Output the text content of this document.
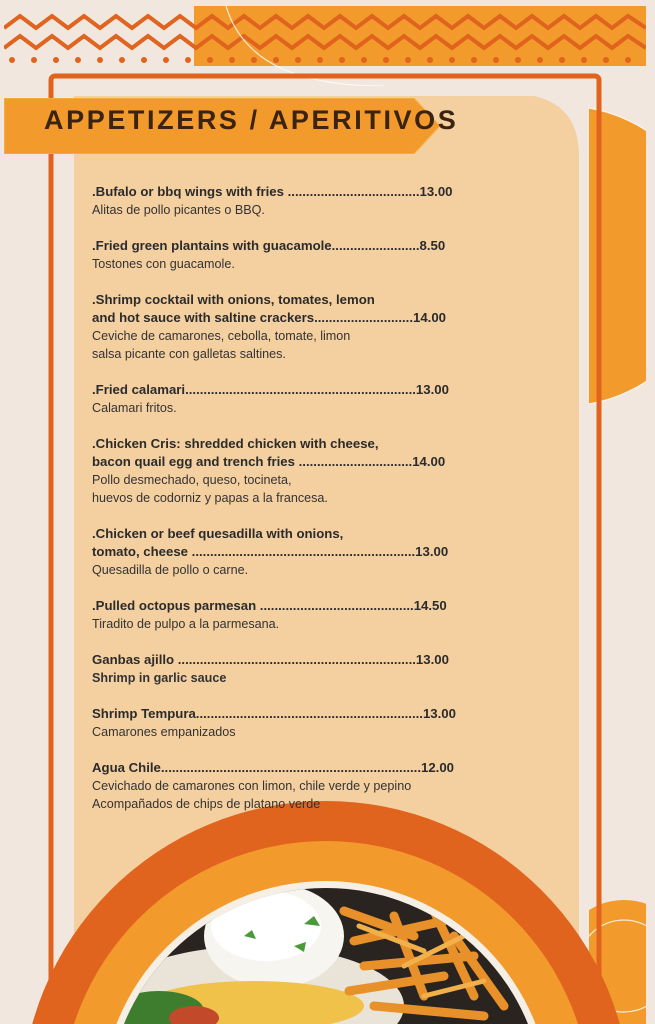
APPETIZERS / APERITIVOS
.Bufalo or bbq wings with fries ....................................13.00
Alitas de pollo picantes o BBQ.
.Fried green plantains with guacamole........................8.50
Tostones con guacamole.
.Shrimp cocktail with onions, tomates, lemon
and hot sauce with saltine crackers...........................14.00
Ceviche de camarones, cebolla, tomate, limon
salsa picante con galletas saltines.
.Fried calamari...............................................................13.00
Calamari fritos.
.Chicken Cris: shredded chicken with cheese,
bacon quail egg and trench fries ...............................14.00
Pollo desmechado, queso, tocineta,
huevos de codorniz y papas a la francesa.
.Chicken or beef quesadilla with onions,
tomato, cheese .............................................................13.00
Quesadilla de pollo o carne.
.Pulled octopus parmesan ..........................................14.50
Tiradito de pulpo a la parmesana.
Ganbas ajillo .................................................................13.00
Shrimp in garlic sauce
Shrimp Tempura..............................................................13.00
Camarones empanizados
Agua Chile.......................................................................12.00
Cevichado de camarones con limon, chile verde y pepino
Acompañados de chips de platano verde
